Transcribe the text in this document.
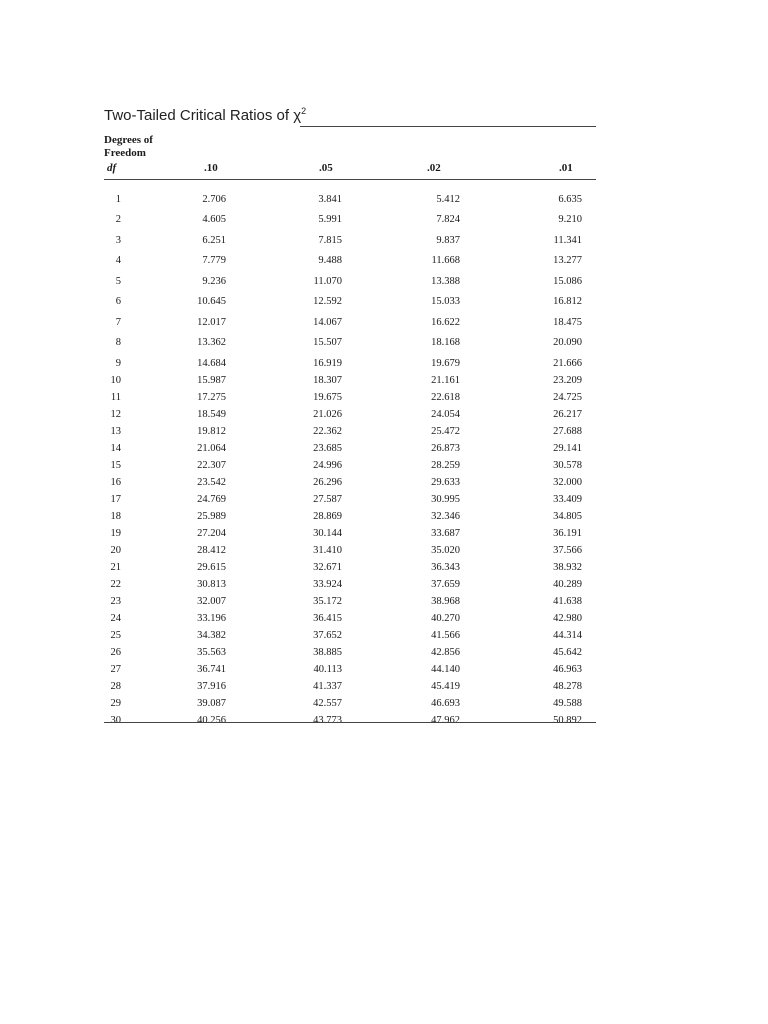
Two-Tailed Critical Ratios of $\chi^2$
Degrees of
Freedom
df	.10	.05	.02	.01
1	2.706	3.841	5.412	6.635
2	4.605	5.991	7.824	9.210
3	6.251	7.815	9.837	11.341
4	7.779	9.488	11.668	13.277
5	9.236	11.070	13.388	15.086
6	10.645	12.592	15.033	16.812
7	12.017	14.067	16.622	18.475
8	13.362	15.507	18.168	20.090
9	14.684	16.919	19.679	21.666
10	15.987	18.307	21.161	23.209
11	17.275	19.675	22.618	24.725
12	18.549	21.026	24.054	26.217
13	19.812	22.362	25.472	27.688
14	21.064	23.685	26.873	29.141
15	22.307	24.996	28.259	30.578
16	23.542	26.296	29.633	32.000
17	24.769	27.587	30.995	33.409
18	25.989	28.869	32.346	34.805
19	27.204	30.144	33.687	36.191
20	28.412	31.410	35.020	37.566
21	29.615	32.671	36.343	38.932
22	30.813	33.924	37.659	40.289
23	32.007	35.172	38.968	41.638
24	33.196	36.415	40.270	42.980
25	34.382	37.652	41.566	44.314
26	35.563	38.885	42.856	45.642
27	36.741	40.113	44.140	46.963
28	37.916	41.337	45.419	48.278
29	39.087	42.557	46.693	49.588
30	40.256	43.773	47.962	50.892
